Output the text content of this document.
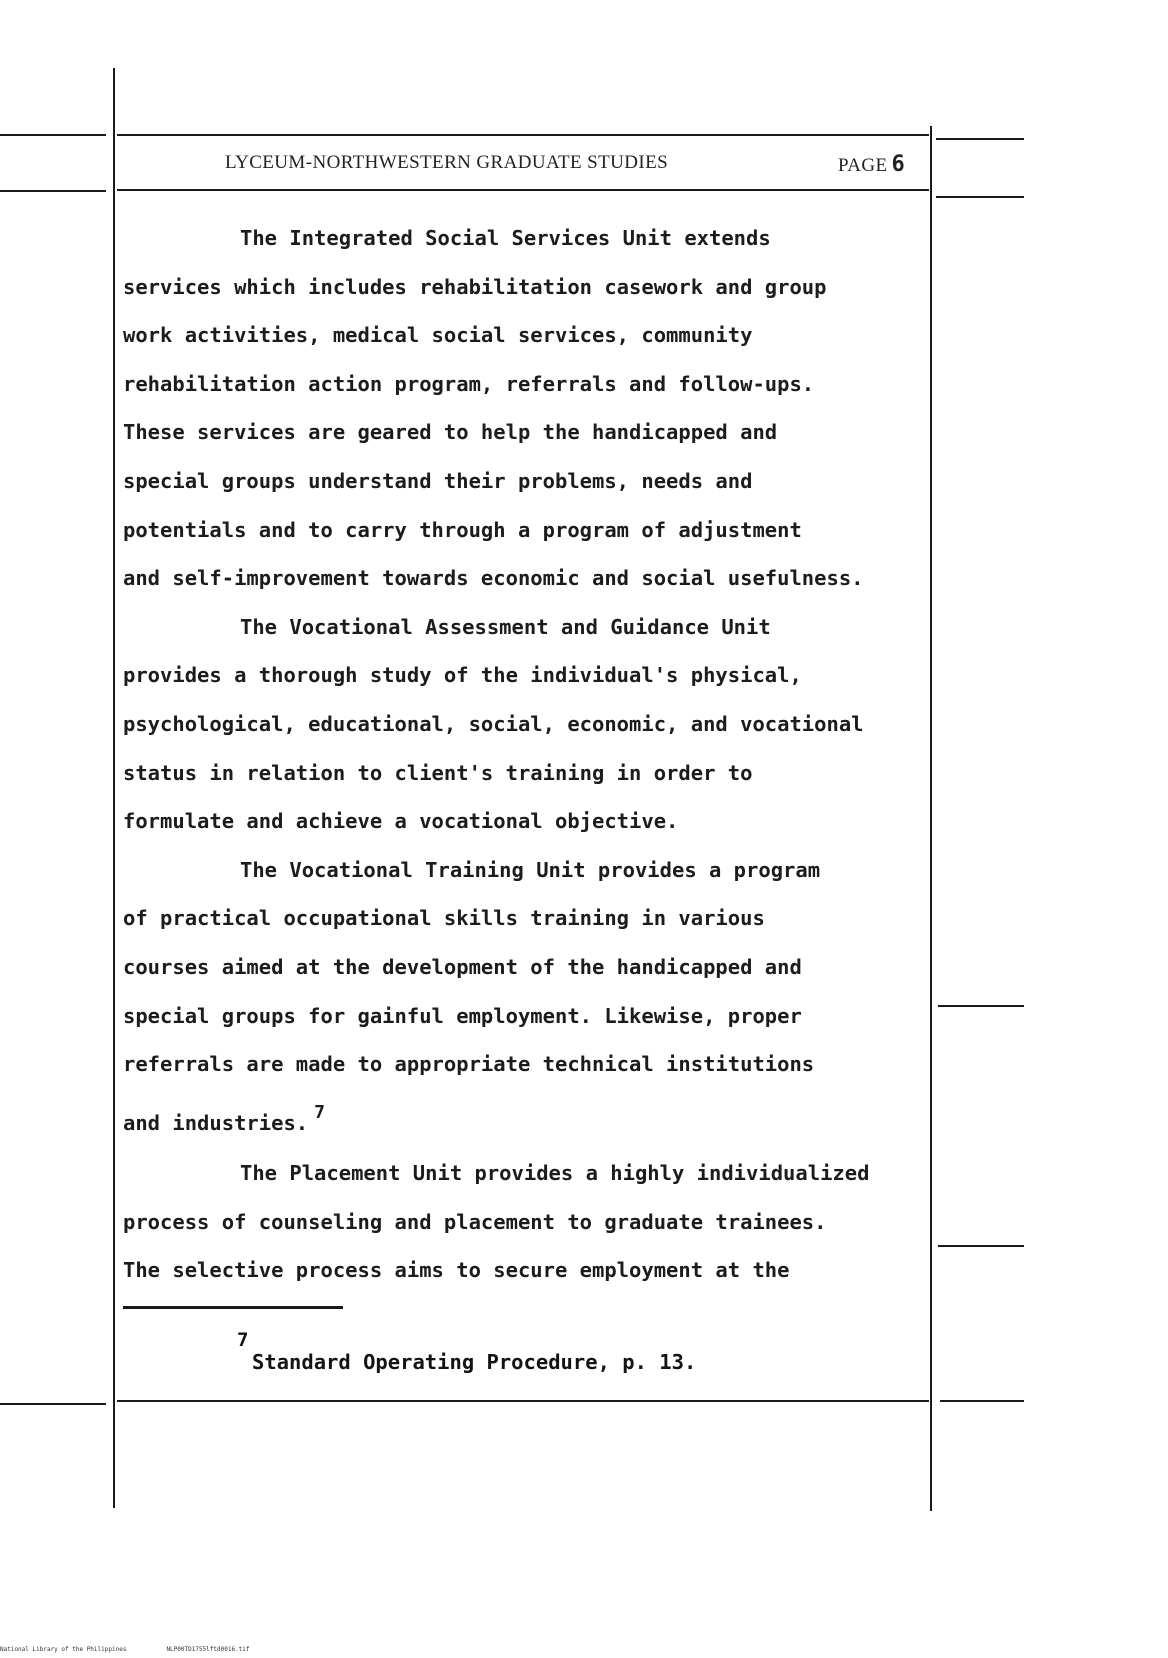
LYCEUM-NORTHWESTERN GRADUATE STUDIES	PAGE 6
The Integrated Social Services Unit extends
services which includes rehabilitation casework and group
work activities, medical social services, community
rehabilitation action program, referrals and follow-ups.
These services are geared to help the handicapped and
special groups understand their problems, needs and
potentials and to carry through a program of adjustment
and self-improvement towards economic and social usefulness.
The Vocational Assessment and Guidance Unit
provides a thorough study of the individual's physical,
psychological, educational, social, economic, and vocational
status in relation to client's training in order to
formulate and achieve a vocational objective.
The Vocational Training Unit provides a program
of practical occupational skills training in various
courses aimed at the development of the handicapped and
special groups for gainful employment. Likewise, proper
referrals are made to appropriate technical institutions
and industries. $^7$
The Placement Unit provides a highly individualized
process of counseling and placement to graduate trainees.
The selective process aims to secure employment at the
7
Standard Operating Procedure, p. 13.
National Library of the Philippines	NLP00TD1755lftd0016.tif
